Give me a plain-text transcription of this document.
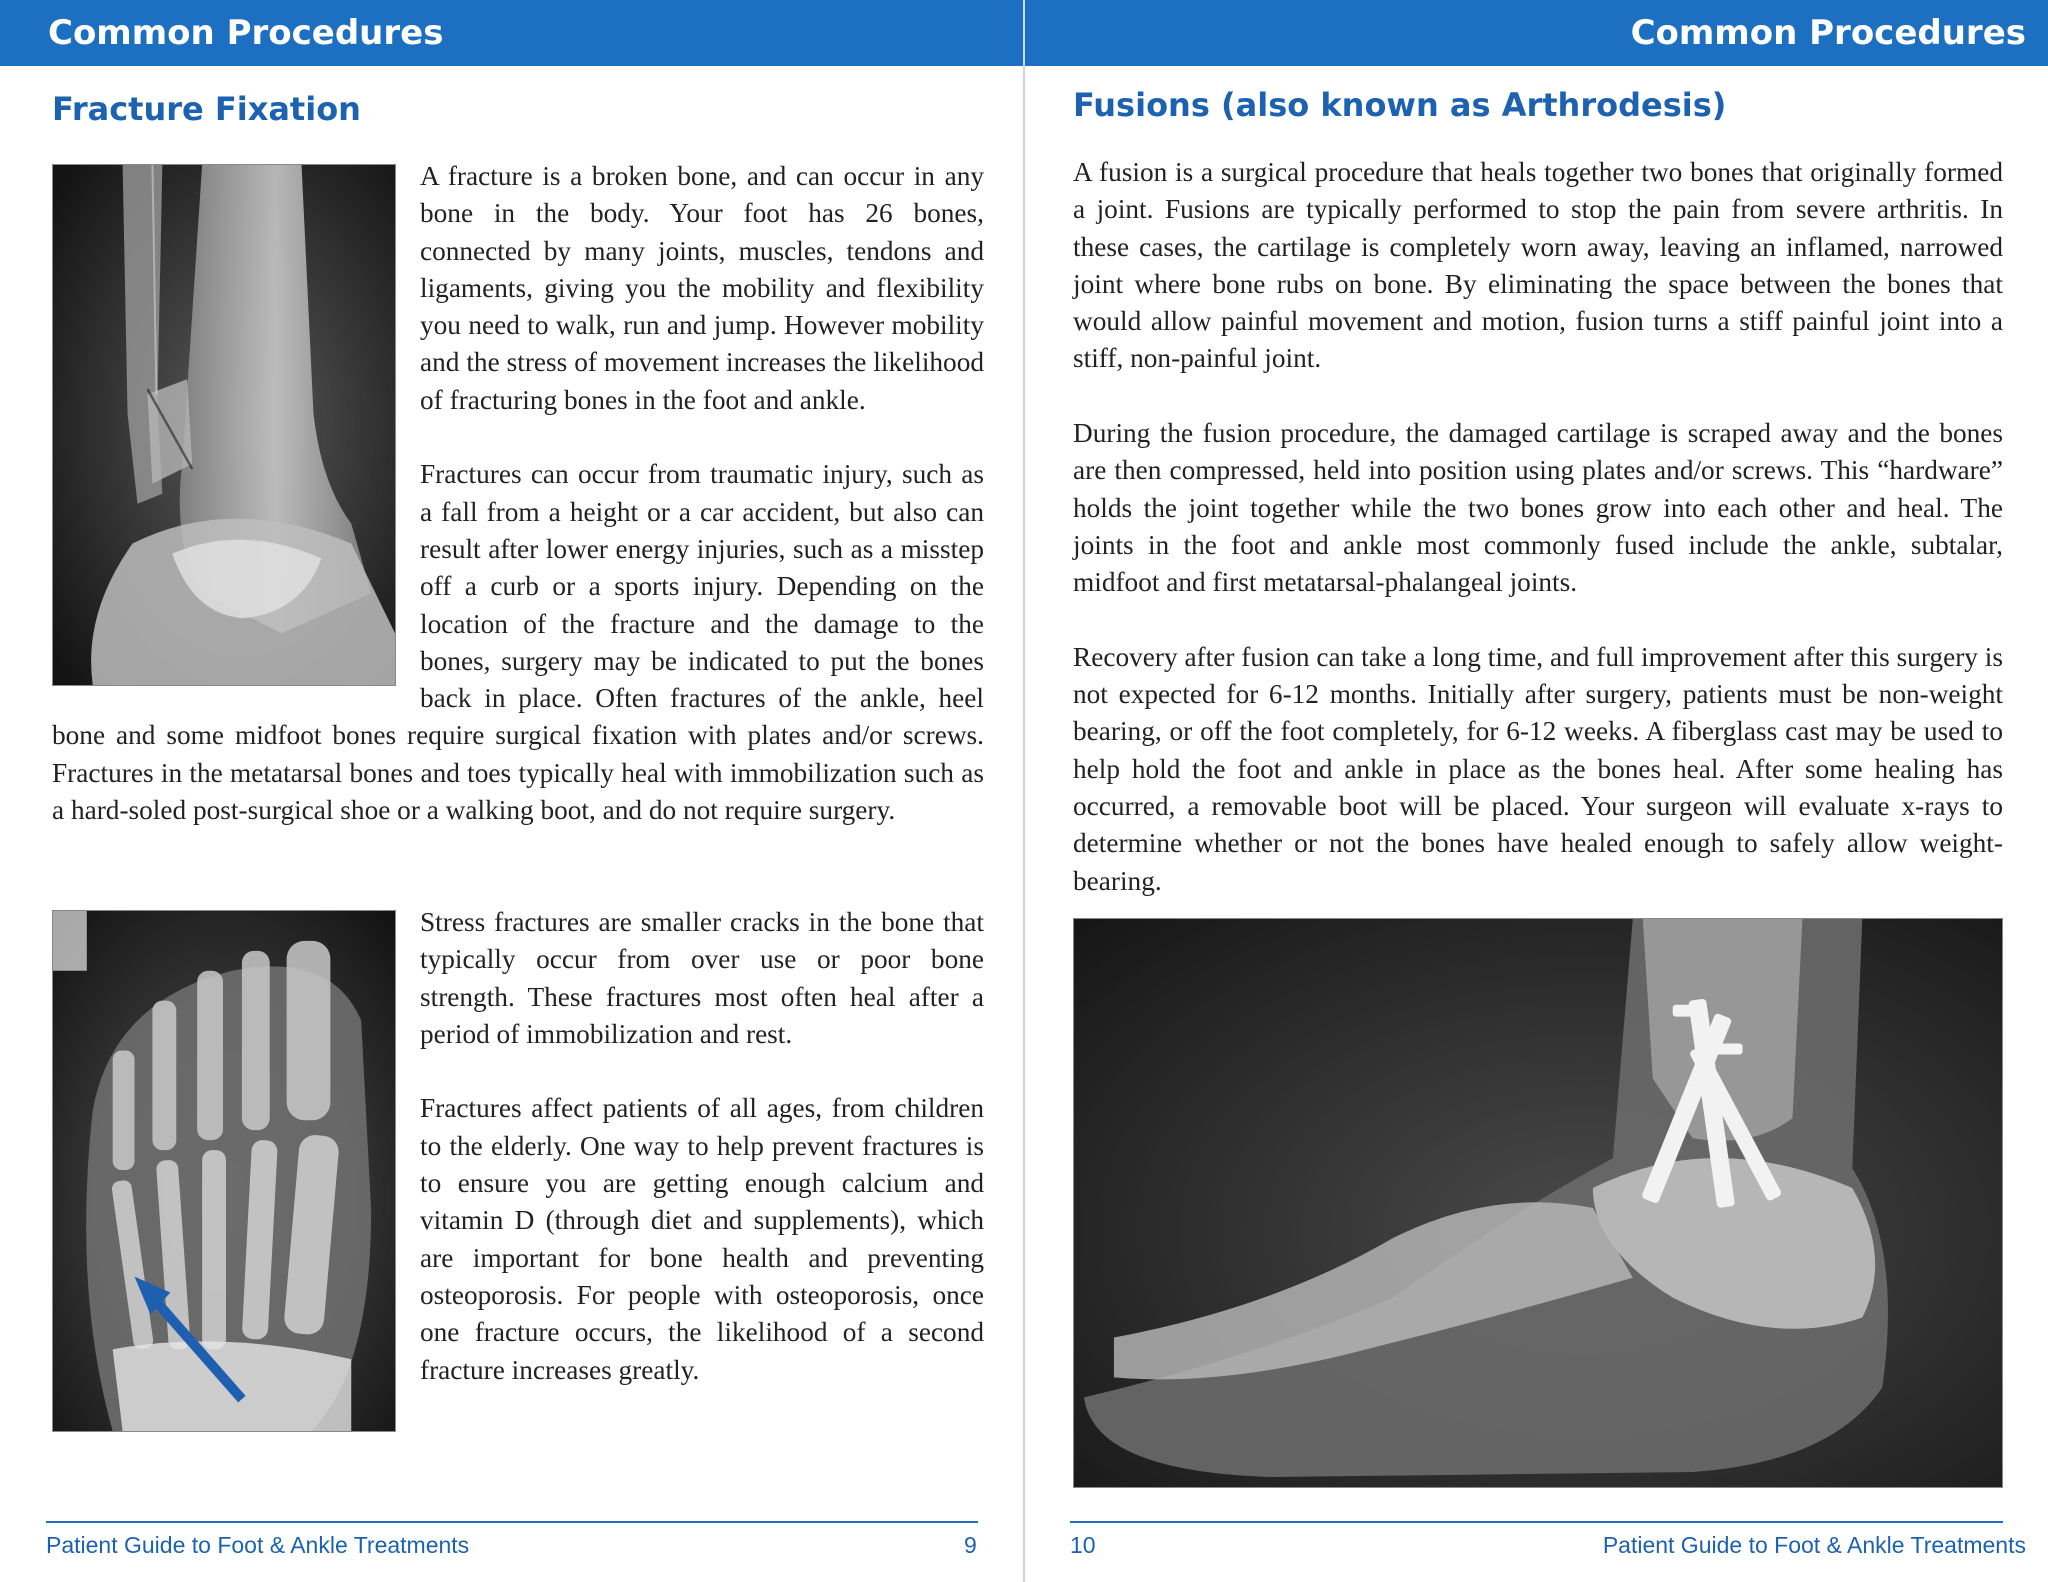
Common Procedures
Fracture Fixation

A fracture is a broken bone, and can occur in any bone in the body. Your foot has 26 bones, connected by many joints, muscles, tendons and ligaments, giving you the mobility and flexibility you need to walk, run and jump. However mobility and the stress of movement increases the likelihood of fracturing bones in the foot and ankle.

Fractures can occur from traumatic injury, such as a fall from a height or a car accident, but also can result after lower energy injuries, such as a misstep off a curb or a sports injury. Depending on the location of the fracture and the damage to the bones, surgery may be indicated to put the bones back in place. Often fractures of the ankle, heel bone and some midfoot bones require surgical fixation with plates and/or screws. Fractures in the metatarsal bones and toes typically heal with immobilization such as a hard-soled post-surgical shoe or a walking boot, and do not require surgery.

Stress fractures are smaller cracks in the bone that typically occur from over use or poor bone strength. These fractures most often heal after a period of immobilization and rest.

Fractures affect patients of all ages, from children to the elderly. One way to help prevent fractures is to ensure you are getting enough calcium and vitamin D (through diet and supplements), which are important for bone health and preventing osteoporosis. For people with osteoporosis, once one fracture occurs, the likelihood of a second fracture increases greatly.

Patient Guide to Foot & Ankle Treatments	9
Common Procedures
Fusions (also known as Arthrodesis)

A fusion is a surgical procedure that heals together two bones that originally formed a joint. Fusions are typically performed to stop the pain from severe arthritis. In these cases, the cartilage is completely worn away, leaving an inflamed, narrowed joint where bone rubs on bone. By eliminating the space between the bones that would allow painful movement and motion, fusion turns a stiff painful joint into a stiff, non-painful joint.

During the fusion procedure, the damaged cartilage is scraped away and the bones are then compressed, held into position using plates and/or screws. This “hardware” holds the joint together while the two bones grow into each other and heal. The joints in the foot and ankle most commonly fused include the ankle, subtalar, midfoot and first metatarsal-phalangeal joints.

Recovery after fusion can take a long time, and full improvement after this surgery is not expected for 6-12 months. Initially after surgery, patients must be non-weight bearing, or off the foot completely, for 6-12 weeks. A fiberglass cast may be used to help hold the foot and ankle in place as the bones heal. After some healing has occurred, a removable boot will be placed. Your surgeon will evaluate x-rays to determine whether or not the bones have healed enough to safely allow weight-bearing.

10	Patient Guide to Foot & Ankle Treatments
